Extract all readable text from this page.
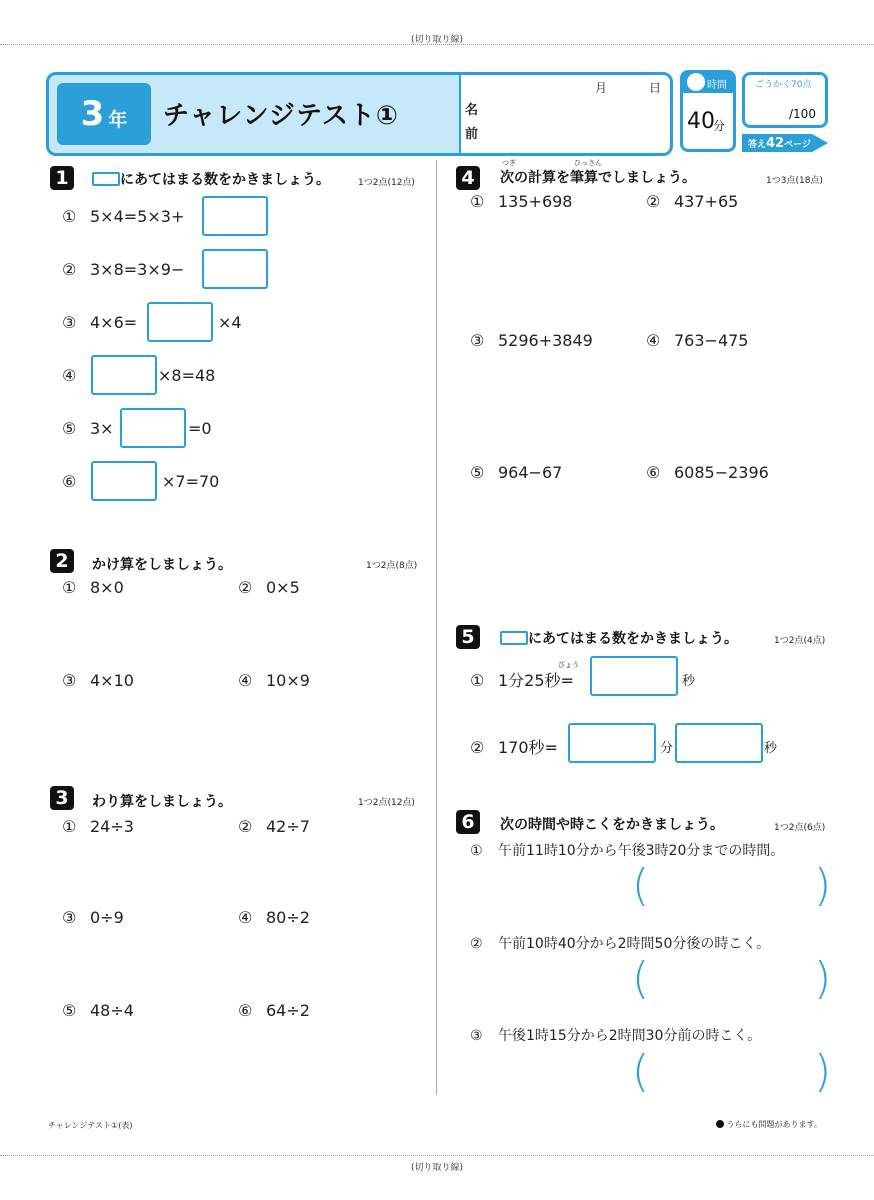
(切り取り線)
(切り取り線)
3 年 チャレンジテスト①
月	日
名
前
時間
40
分
ごうかく70点
/100
答え42ページ
1	にあてはまる数をかきましょう。	1つ2点(12点)
① 5×4=5×3+
② 3×8=3×9−
③ 4×6=	×4
④	×8=48
⑤ 3×	=0
⑥	×7=70
2	かけ算をしましょう。	1つ2点(8点)
① 8×0	② 0×5
③ 4×10	④ 10×9
3	わり算をしましょう。	1つ2点(12点)
① 24÷3	② 42÷7
③ 0÷9	④ 80÷2
⑤ 48÷4	⑥ 64÷2
4
つぎ	ひっさん
次の計算を筆算でしましょう。	1つ3点(18点)
① 135+698	② 437+65
③ 5296+3849	④ 763−475
⑤ 964−67	⑥ 6085−2396
5	にあてはまる数をかきましょう。	1つ2点(4点)
びょう
① 1分25秒=	秒
② 170秒=	分	秒
6	次の時間や時こくをかきましょう。	1つ2点(6点)
① 午前11時10分から午後3時20分までの時間。
(	)
② 午前10時40分から2時間50分後の時こく。
(	)
③ 午後1時15分から2時間30分前の時こく。
(	)
チャレンジテスト①(表)	うらにも問題があります。
